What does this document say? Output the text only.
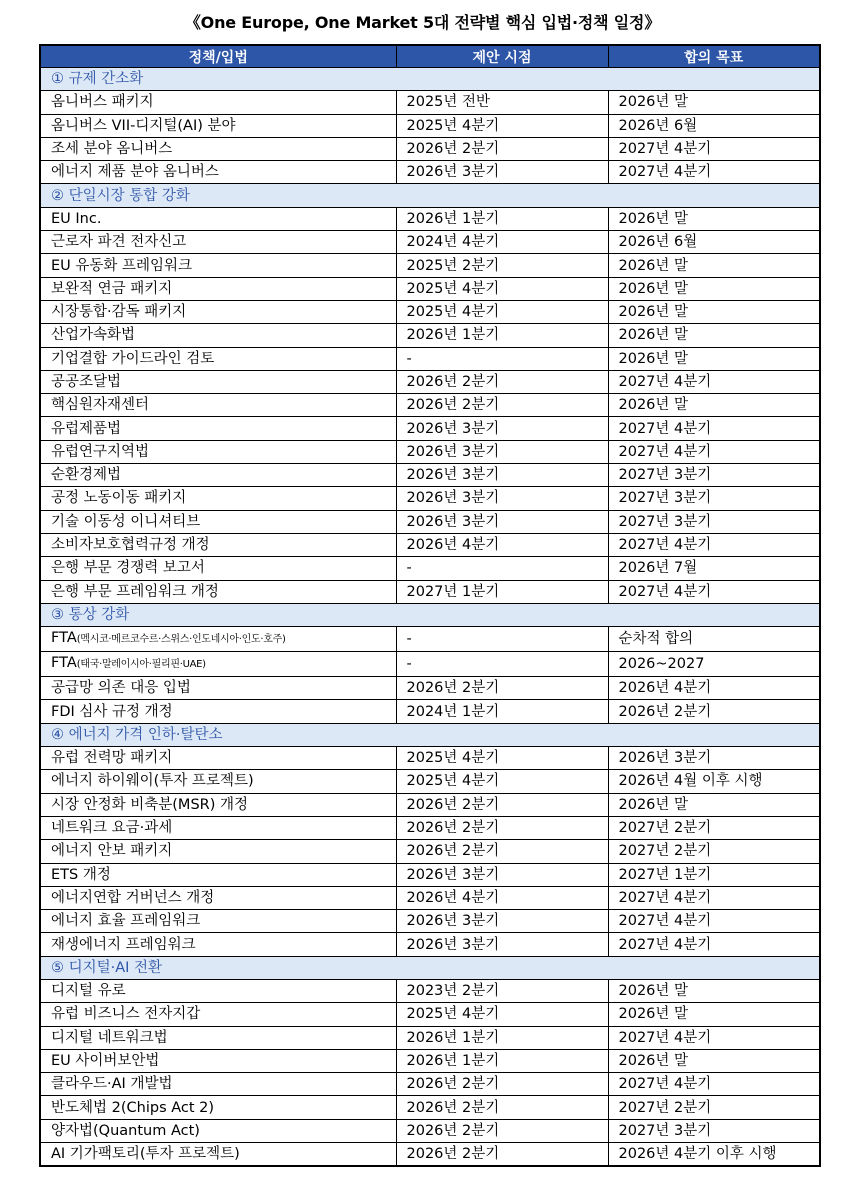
《One Europe, One Market 5대 전략별 핵심 입법·정책 일정》
정책/입법	제안 시점	합의 목표
① 규제 간소화		
옴니버스 패키지	2025년 전반	2026년 말
옴니버스 VII-디지털(AI) 분야	2025년 4분기	2026년 6월
조세 분야 옴니버스	2026년 2분기	2027년 4분기
에너지 제품 분야 옴니버스	2026년 3분기	2027년 4분기
② 단일시장 통합 강화		
EU Inc.	2026년 1분기	2026년 말
근로자 파견 전자신고	2024년 4분기	2026년 6월
EU 유동화 프레임워크	2025년 2분기	2026년 말
보완적 연금 패키지	2025년 4분기	2026년 말
시장통합·감독 패키지	2025년 4분기	2026년 말
산업가속화법	2026년 1분기	2026년 말
기업결합 가이드라인 검토	-	2026년 말
공공조달법	2026년 2분기	2027년 4분기
핵심원자재센터	2026년 2분기	2026년 말
유럽제품법	2026년 3분기	2027년 4분기
유럽연구지역법	2026년 3분기	2027년 4분기
순환경제법	2026년 3분기	2027년 3분기
공정 노동이동 패키지	2026년 3분기	2027년 3분기
기술 이동성 이니셔티브	2026년 3분기	2027년 3분기
소비자보호협력규정 개정	2026년 4분기	2027년 4분기
은행 부문 경쟁력 보고서	-	2026년 7월
은행 부문 프레임워크 개정	2027년 1분기	2027년 4분기
③ 통상 강화		
FTA(멕시코·메르코수르·스위스·인도네시아·인도·호주)	-	순차적 합의
FTA(태국·말레이시아·필리핀·UAE)	-	2026~2027
공급망 의존 대응 입법	2026년 2분기	2026년 4분기
FDI 심사 규정 개정	2024년 1분기	2026년 2분기
④ 에너지 가격 인하·탈탄소		
유럽 전력망 패키지	2025년 4분기	2026년 3분기
에너지 하이웨이(투자 프로젝트)	2025년 4분기	2026년 4월 이후 시행
시장 안정화 비축분(MSR) 개정	2026년 2분기	2026년 말
네트워크 요금·과세	2026년 2분기	2027년 2분기
에너지 안보 패키지	2026년 2분기	2027년 2분기
ETS 개정	2026년 3분기	2027년 1분기
에너지연합 거버넌스 개정	2026년 4분기	2027년 4분기
에너지 효율 프레임워크	2026년 3분기	2027년 4분기
재생에너지 프레임워크	2026년 3분기	2027년 4분기
⑤ 디지털·AI 전환		
디지털 유로	2023년 2분기	2026년 말
유럽 비즈니스 전자지갑	2025년 4분기	2026년 말
디지털 네트워크법	2026년 1분기	2027년 4분기
EU 사이버보안법	2026년 1분기	2026년 말
클라우드·AI 개발법	2026년 2분기	2027년 4분기
반도체법 2(Chips Act 2)	2026년 2분기	2027년 2분기
양자법(Quantum Act)	2026년 2분기	2027년 3분기
AI 기가팩토리(투자 프로젝트)	2026년 2분기	2026년 4분기 이후 시행
